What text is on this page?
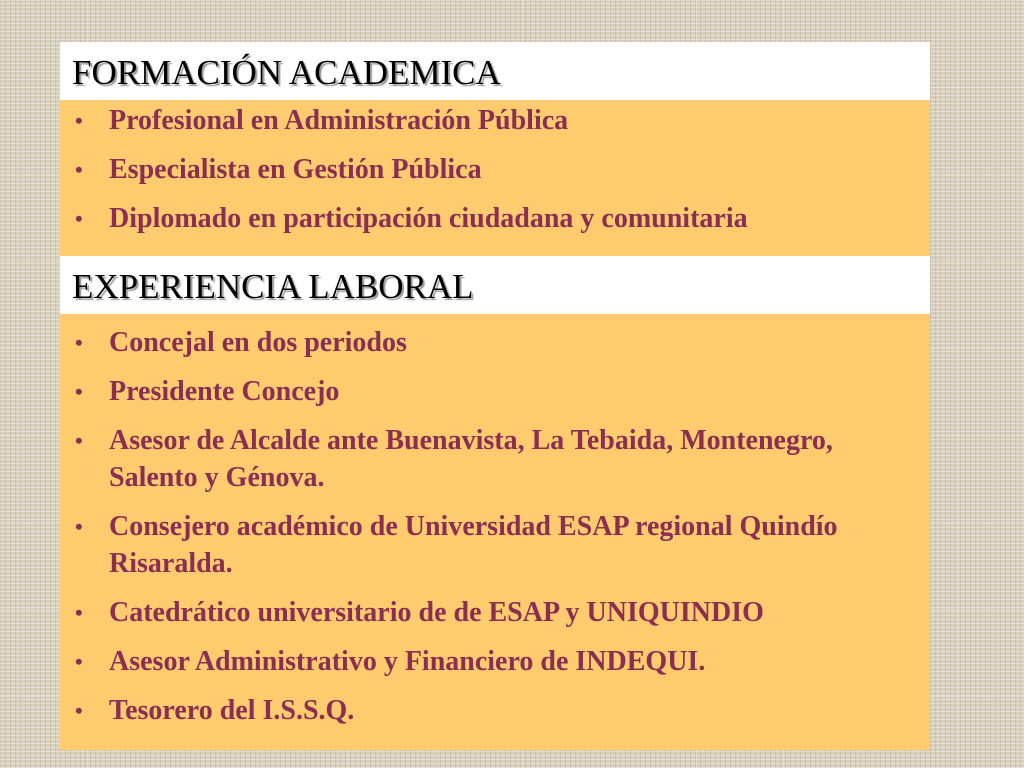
FORMACIÓN ACADEMICA
• Profesional en Administración Pública
• Especialista en Gestión Pública
• Diplomado en participación ciudadana y comunitaria
EXPERIENCIA LABORAL
• Concejal en dos periodos
• Presidente Concejo
• Asesor de Alcalde ante Buenavista, La Tebaida, Montenegro, Salento y Génova.
• Consejero académico de Universidad ESAP regional Quindío Risaralda.
• Catedrático universitario de de ESAP y UNIQUINDIO
• Asesor Administrativo y Financiero de INDEQUI.
• Tesorero del I.S.S.Q.
